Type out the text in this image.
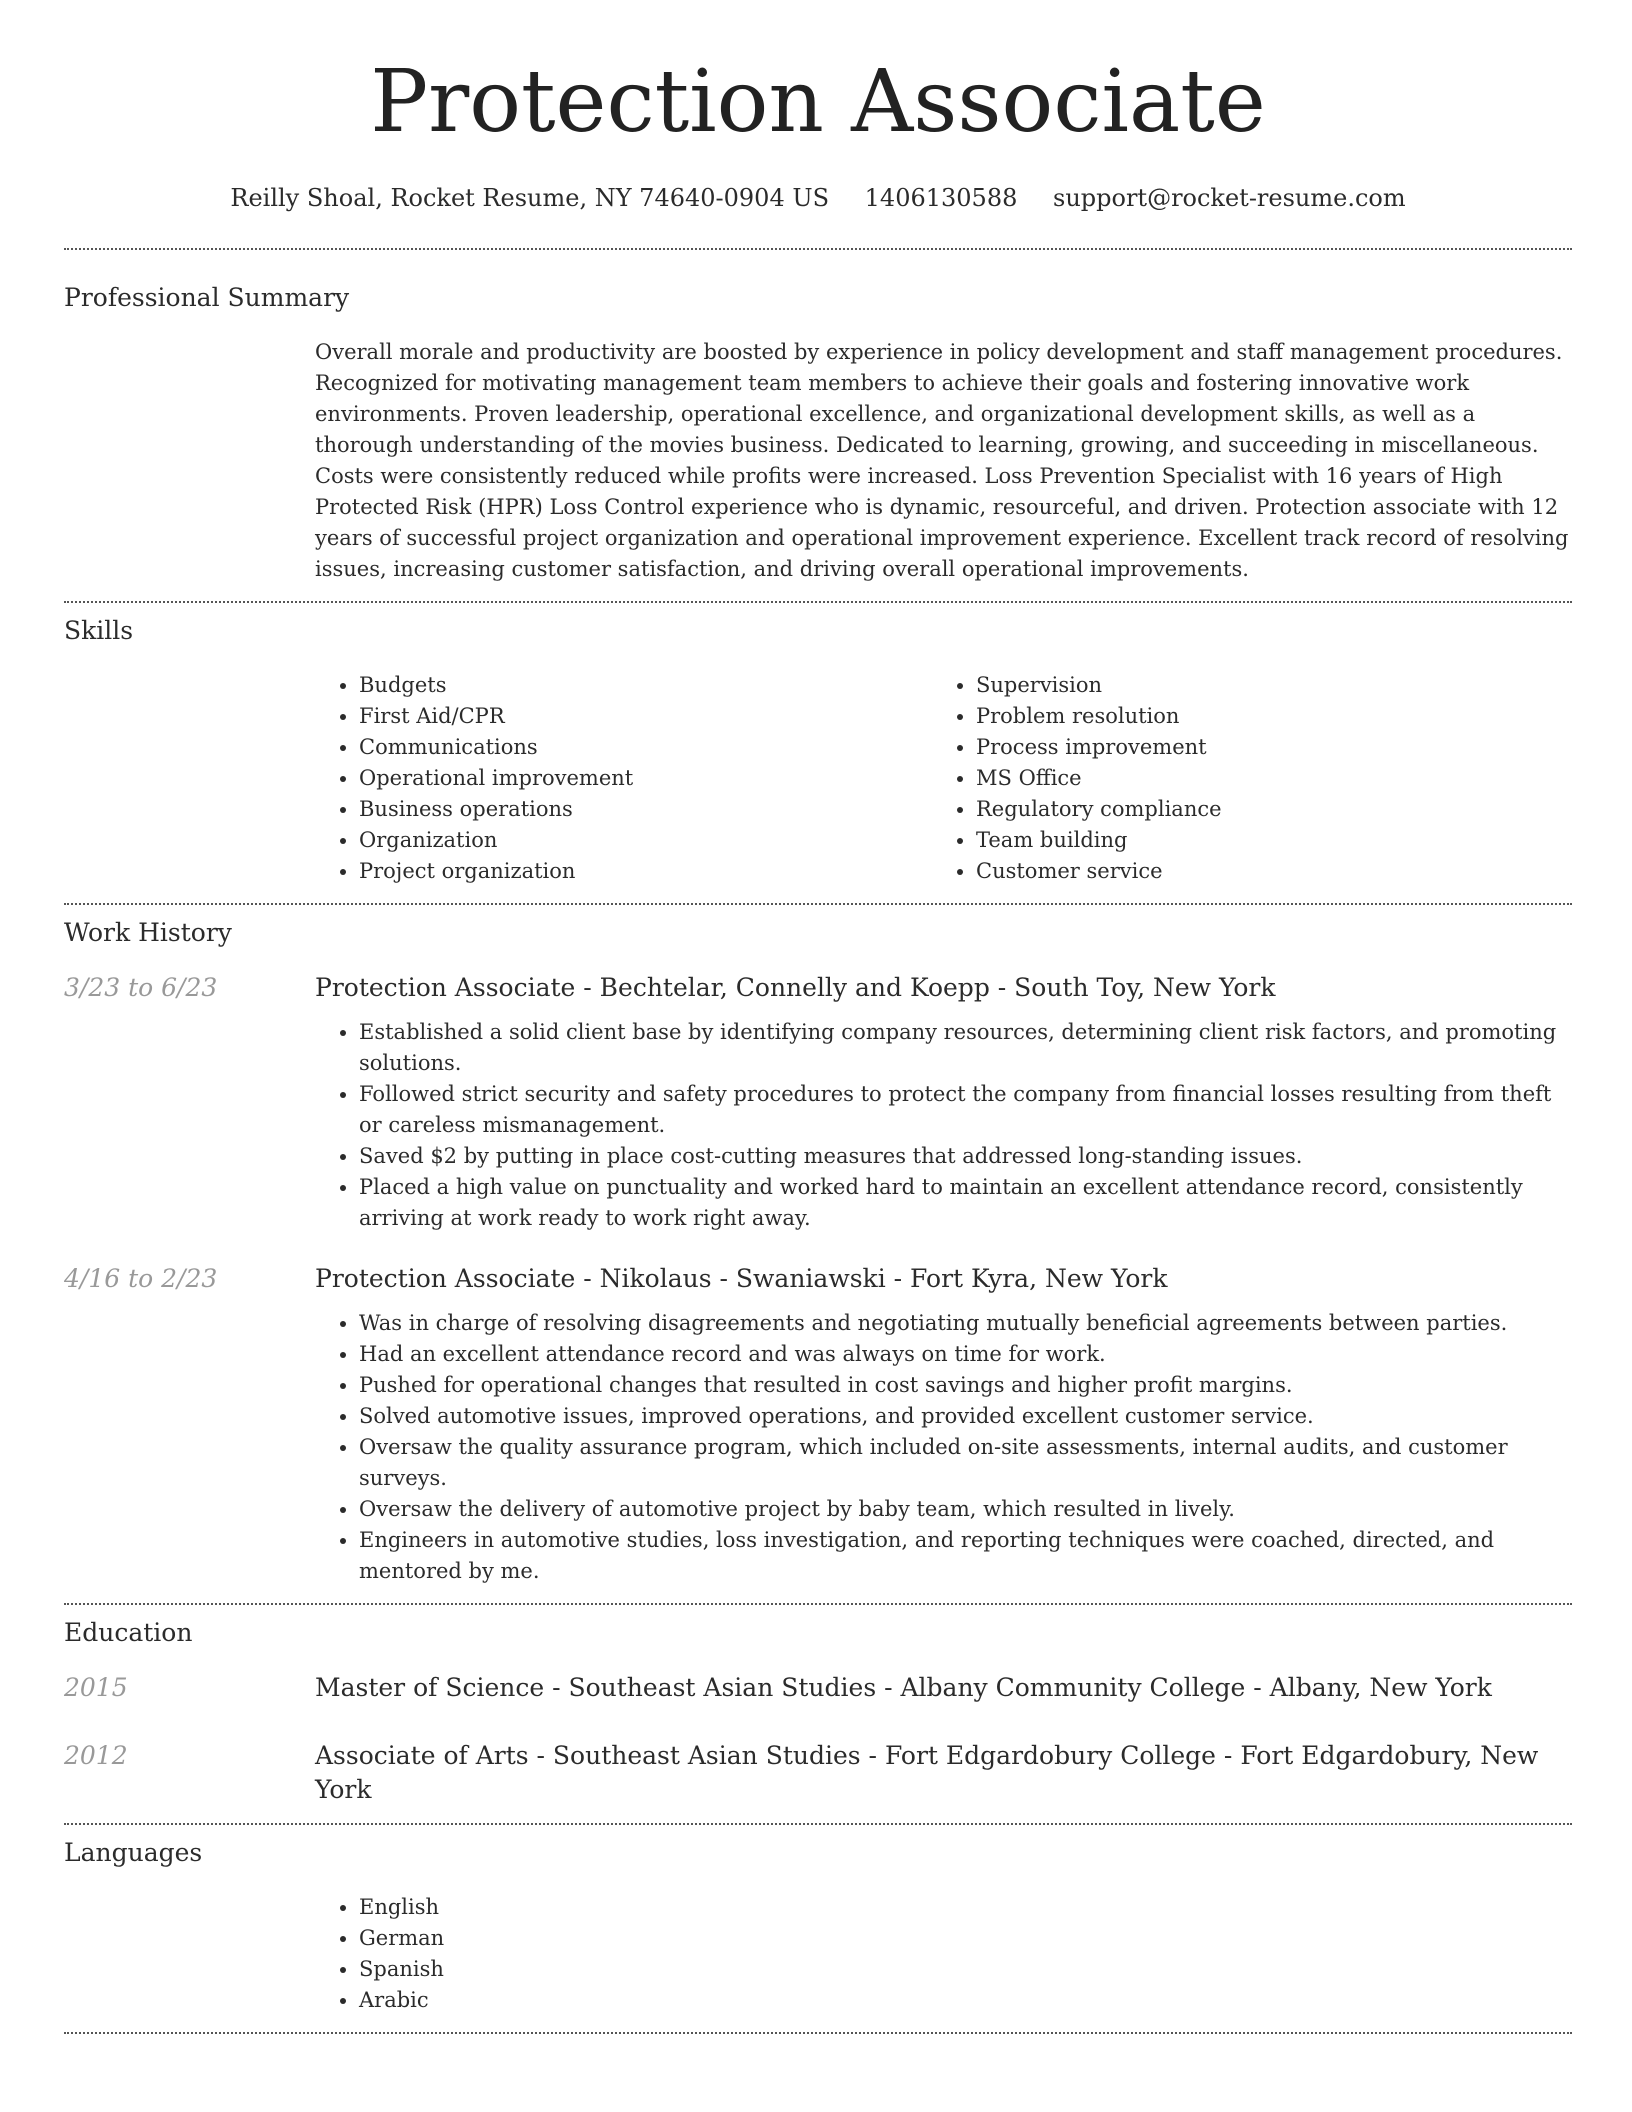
Protection Associate
Reilly Shoal, Rocket Resume, NY 74640-0904 US 1406130588 support@rocket-resume.com
Professional Summary

Overall morale and productivity are boosted by experience in policy development and staff management procedures. Recognized for motivating management team members to achieve their goals and fostering innovative work environments. Proven leadership, operational excellence, and organizational development skills, as well as a thorough understanding of the movies business. Dedicated to learning, growing, and succeeding in miscellaneous. Costs were consistently reduced while profits were increased. Loss Prevention Specialist with 16 years of High Protected Risk (HPR) Loss Control experience who is dynamic, resourceful, and driven. Protection associate with 12 years of successful project organization and operational improvement experience. Excellent track record of resolving issues, increasing customer satisfaction, and driving overall operational improvements.

Skills
• Budgets
• First Aid/CPR
• Communications
• Operational improvement
• Business operations
• Organization
• Project organization
• Supervision
• Problem resolution
• Process improvement
• MS Office
• Regulatory compliance
• Team building
• Customer service
Work History
3/23 to 6/23	Protection Associate - Bechtelar, Connelly and Koepp - South Toy, New York
• Established a solid client base by identifying company resources, determining client risk factors, and promoting solutions.
• Followed strict security and safety procedures to protect the company from financial losses resulting from theft or careless mismanagement.
• Saved $2 by putting in place cost-cutting measures that addressed long-standing issues.
• Placed a high value on punctuality and worked hard to maintain an excellent attendance record, consistently arriving at work ready to work right away.
4/16 to 2/23	Protection Associate - Nikolaus - Swaniawski - Fort Kyra, New York
• Was in charge of resolving disagreements and negotiating mutually beneficial agreements between parties.
• Had an excellent attendance record and was always on time for work.
• Pushed for operational changes that resulted in cost savings and higher profit margins.
• Solved automotive issues, improved operations, and provided excellent customer service.
• Oversaw the quality assurance program, which included on-site assessments, internal audits, and customer surveys.
• Oversaw the delivery of automotive project by baby team, which resulted in lively.
• Engineers in automotive studies, loss investigation, and reporting techniques were coached, directed, and mentored by me.
Education
2015	Master of Science - Southeast Asian Studies - Albany Community College - Albany, New York
2012	Associate of Arts - Southeast Asian Studies - Fort Edgardobury College - Fort Edgardobury, New York
Languages
• English
• German
• Spanish
• Arabic
